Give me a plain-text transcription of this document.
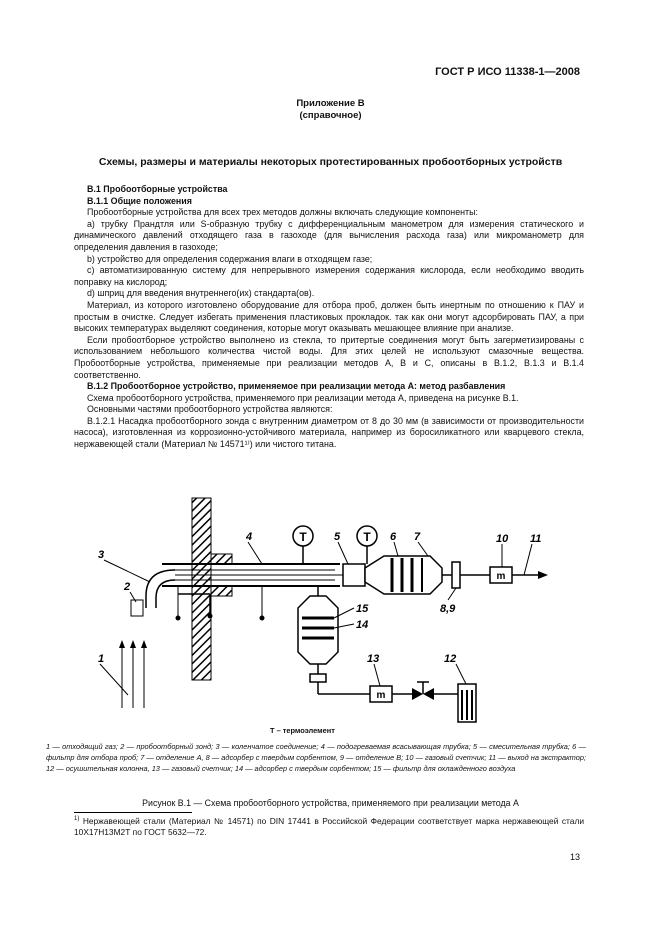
ГОСТ Р ИСО 11338-1—2008
Приложение В
(справочное)
Схемы, размеры и материалы некоторых протестированных пробоотборных устройств

В.1 Пробоотборные устройства

В.1.1 Общие положения

Пробоотборные устройства для всех трех методов должны включать следующие компоненты:

а) трубку Прандтля или S-образную трубку с дифференциальным манометром для измерения статического и динамического давлений отходящего газа в газоходе (для вычисления расхода газа) или микроманометр для определения давления в газоходе;

b) устройство для определения содержания влаги в отходящем газе;

с) автоматизированную систему для непрерывного измерения содержания кислорода, если необходимо вводить поправку на кислород;

d) шприц для введения внутреннего(их) стандарта(ов).

Материал, из которого изготовлено оборудование для отбора проб, должен быть инертным по отношению к ПАУ и простым в очистке. Следует избегать применения пластиковых прокладок. так как они могут адсорбировать ПАУ, а при высоких температурах выделяют соединения, которые могут оказывать мешающее влияние при анализе.

Если пробоотборное устройство выполнено из стекла, то притертые соединения могут быть загерметизированы с использованием небольшого количества чистой воды. Для этих целей не используют смазочные вещества. Пробоотборные устройства, применяемые при реализации методов А, В и С, описаны в В.1.2, В.1.3 и В.1.4 соответственно.

В.1.2 Пробоотборное устройство, применяемое при реализации метода А: метод разбавления

Схема пробоотборного устройства, применяемого при реализации метода А, приведена на рисунке В.1.

Основными частями пробоотборного устройства являются:

В.1.2.1 Насадка пробоотборного зонда с внутренним диаметром от 8 до 30 мм (в зависимости от производительности насоса), изготовленная из коррозионно-устойчивого материала, например из боросиликатного или кварцевого стекла, нержавеющей стали (Материал № 14571¹⁾) или чистого титана.

T	T
m
m
1
2
3
4	5	6 7
8,9
10 11
12
13
14
15
Т – термоэлемент
1 — отходящий газ; 2 — пробоотборный зонд; 3 — коленчатое соединение; 4 — подогреваемая всасывающая трубка; 5 — смесительная трубка; 6 — фильтр для отбора проб; 7 — отделение А, 8 — адсорбер с твердым сорбентом, 9 — отделение В; 10 — газовый счетчик; 11 — выход на экстрактор; 12 — осушительная колонна, 13 — газовый счетчик; 14 — адсорбер с твердым сорбентом; 15 — фильтр для охлажденного воздуха
Рисунок В.1 — Схема пробоотборного устройства, применяемого при реализации метода А
$^{1)}$ Нержавеющей стали (Материал № 14571) по DIN 17441 в Российской Федерации соответствует марка нержавеющей стали 10Х17Н13М2Т по ГОСТ 5632—72.
13
